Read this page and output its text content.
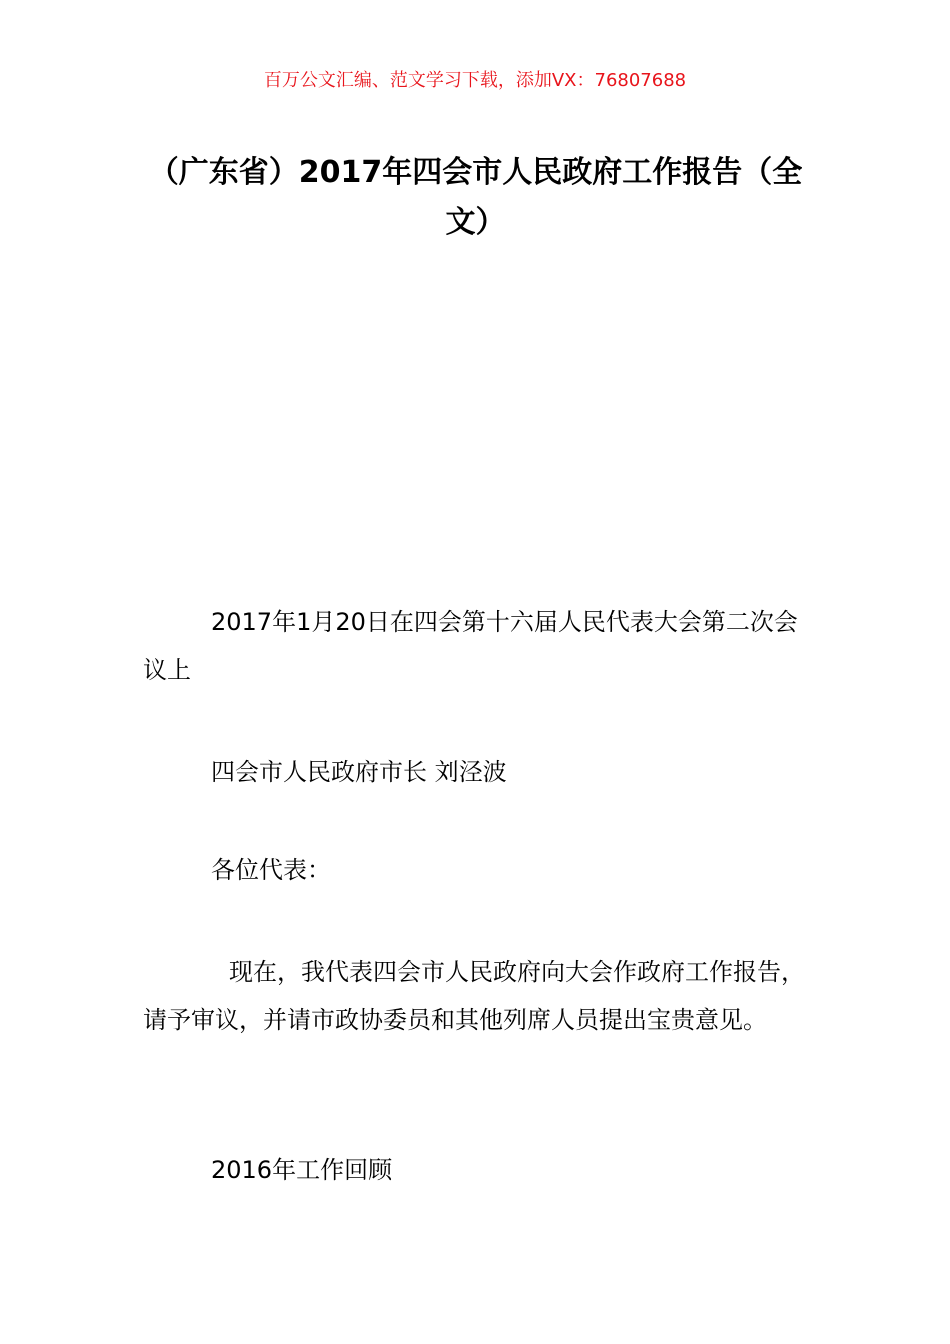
百万公文汇编、范文学习下载，添加VX：76807688
（广东省）2017年四会市人民政府工作报告（全文）

2017年1月20日在四会第十六届人民代表大会第二次会议上

四会市人民政府市长 刘泾波

各位代表：

现在，我代表四会市人民政府向大会作政府工作报告，请予审议，并请市政协委员和其他列席人员提出宝贵意见。

2016年工作回顾
